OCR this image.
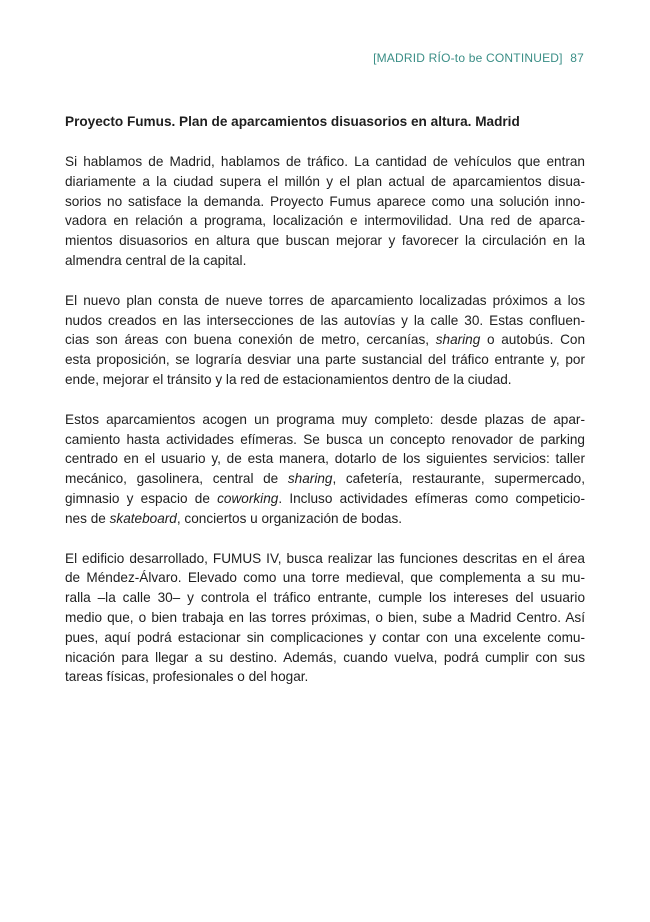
[MADRID RÍO-to be CONTINUED] 87
Proyecto Fumus. Plan de aparcamientos disuasorios en altura. Madrid
Si hablamos de Madrid, hablamos de tráfico. La cantidad de vehículos que entran
diariamente a la ciudad supera el millón y el plan actual de aparcamientos disua-
sorios no satisface la demanda. Proyecto Fumus aparece como una solución inno-
vadora en relación a programa, localización e intermovilidad. Una red de aparca-
mientos disuasorios en altura que buscan mejorar y favorecer la circulación en la
almendra central de la capital.
El nuevo plan consta de nueve torres de aparcamiento localizadas próximos a los
nudos creados en las intersecciones de las autovías y la calle 30. Estas confluen-
cias son áreas con buena conexión de metro, cercanías, sharing o autobús. Con
esta proposición, se lograría desviar una parte sustancial del tráfico entrante y, por
ende, mejorar el tránsito y la red de estacionamientos dentro de la ciudad.
Estos aparcamientos acogen un programa muy completo: desde plazas de apar-
camiento hasta actividades efímeras. Se busca un concepto renovador de parking
centrado en el usuario y, de esta manera, dotarlo de los siguientes servicios: taller
mecánico, gasolinera, central de sharing, cafetería, restaurante, supermercado,
gimnasio y espacio de coworking. Incluso actividades efímeras como competicio-
nes de skateboard, conciertos u organización de bodas.
El edificio desarrollado, FUMUS IV, busca realizar las funciones descritas en el área
de Méndez-Álvaro. Elevado como una torre medieval, que complementa a su mu-
ralla –la calle 30– y controla el tráfico entrante, cumple los intereses del usuario
medio que, o bien trabaja en las torres próximas, o bien, sube a Madrid Centro. Así
pues, aquí podrá estacionar sin complicaciones y contar con una excelente comu-
nicación para llegar a su destino. Además, cuando vuelva, podrá cumplir con sus
tareas físicas, profesionales o del hogar.
